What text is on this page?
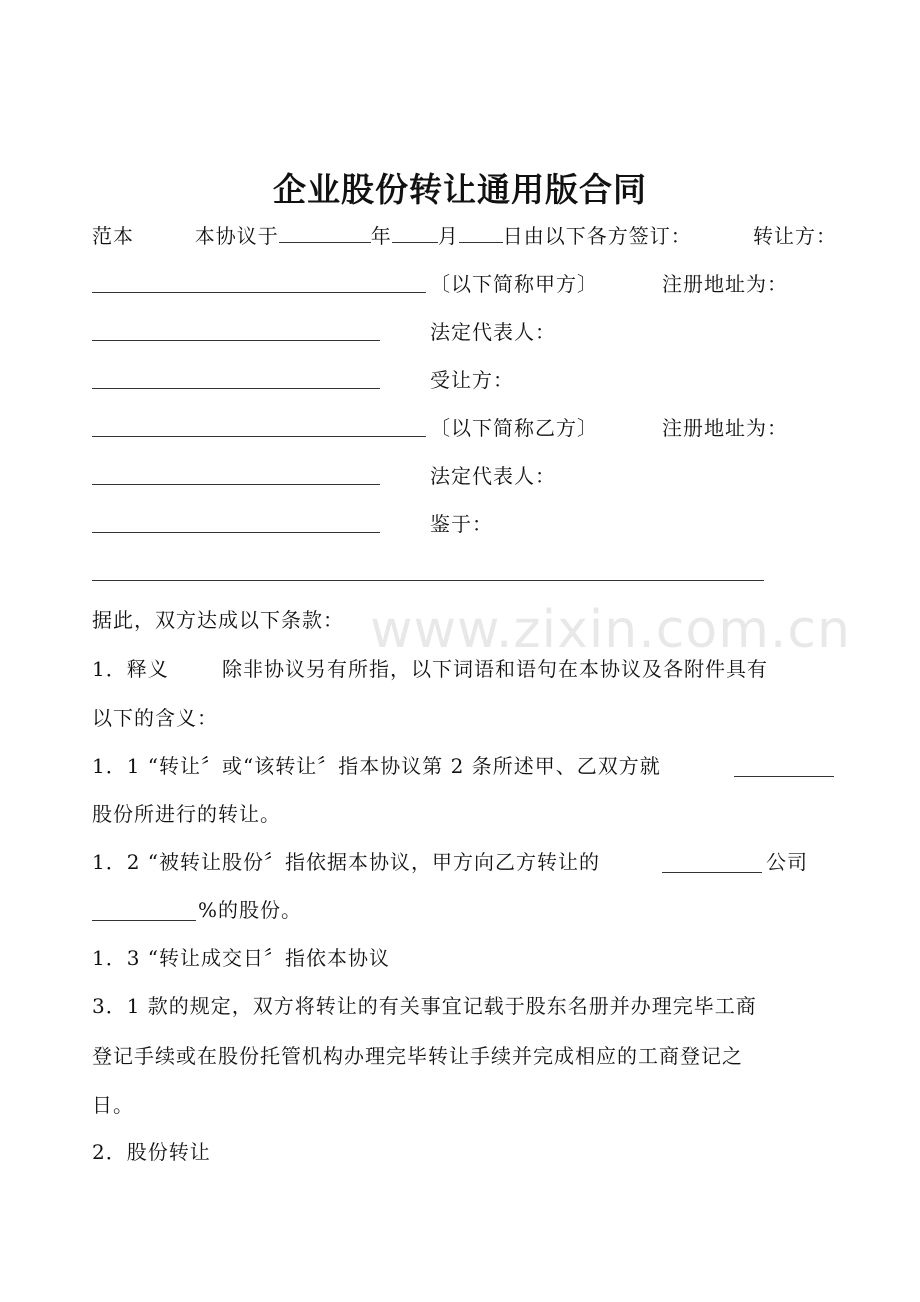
企业股份转让通用版合同
范本	本协议于	年 月 日由以下各方签订：	转让方：
〔以下简称甲方〕	注册地址为：
法定代表人：
受让方：
〔以下简称乙方〕	注册地址为：
法定代表人：
鉴于：
据此，双方达成以下条款：
1．释义	除非协议另有所指，以下词语和语句在本协议及各附件具有
以下的含义：
1．1 “转让〞或“该转让〞指本协议第 2 条所述甲、乙双方就
股份所进行的转让。
1．2 “被转让股份〞指依据本协议，甲方向乙方转让的	公司
%的股份。
1．3 “转让成交日〞指依本协议
3．1 款的规定，双方将转让的有关事宜记载于股东名册并办理完毕工商
登记手续或在股份托管机构办理完毕转让手续并完成相应的工商登记之
日。
2．股份转让
www.zixin.com.cn
